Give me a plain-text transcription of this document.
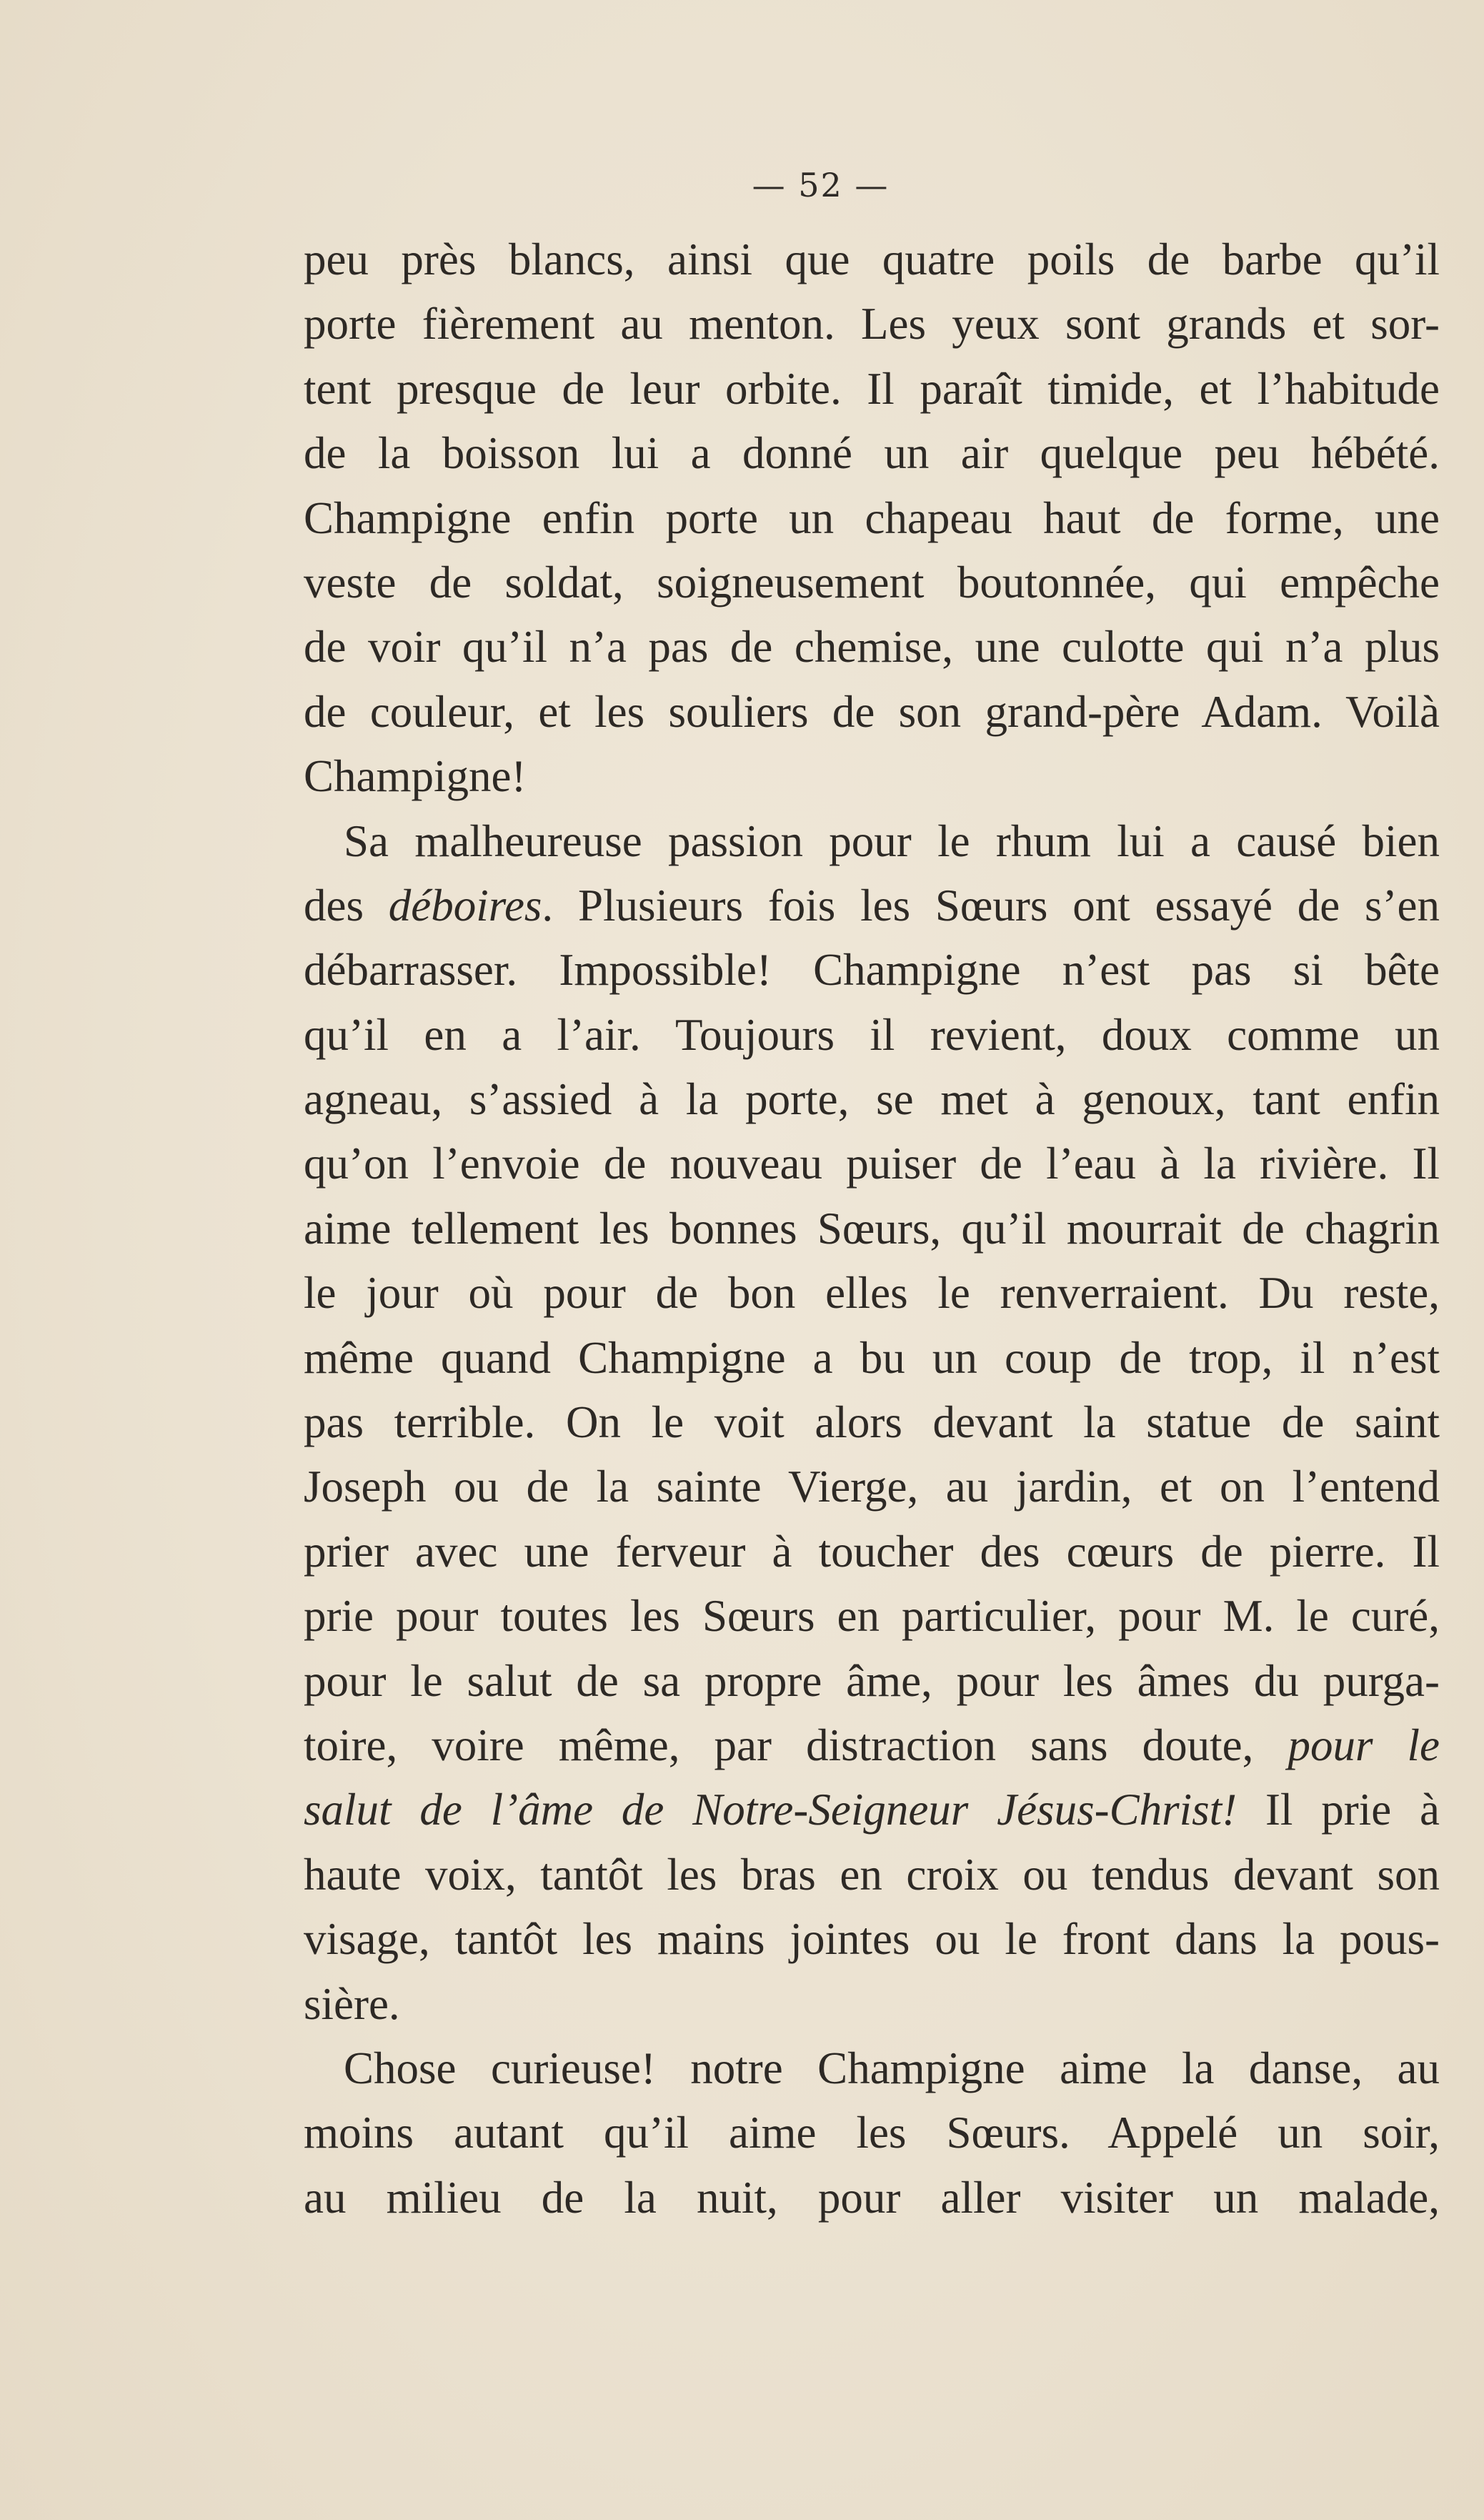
— 52 —
peu près blancs, ainsi que quatre poils de barbe qu’il
porte fièrement au menton. Les yeux sont grands et sor-
tent presque de leur orbite. Il paraît timide, et l’habitude
de la boisson lui a donné un air quelque peu hébété.
Champigne enfin porte un chapeau haut de forme, une
veste de soldat, soigneusement boutonnée, qui empêche
de voir qu’il n’a pas de chemise, une culotte qui n’a plus
de couleur, et les souliers de son grand-père Adam. Voilà
Champigne!
Sa malheureuse passion pour le rhum lui a causé bien
des déboires. Plusieurs fois les Sœurs ont essayé de s’en
débarrasser. Impossible! Champigne n’est pas si bête
qu’il en a l’air. Toujours il revient, doux comme un
agneau, s’assied à la porte, se met à genoux, tant enfin
qu’on l’envoie de nouveau puiser de l’eau à la rivière. Il
aime tellement les bonnes Sœurs, qu’il mourrait de chagrin
le jour où pour de bon elles le renverraient. Du reste,
même quand Champigne a bu un coup de trop, il n’est
pas terrible. On le voit alors devant la statue de saint
Joseph ou de la sainte Vierge, au jardin, et on l’entend
prier avec une ferveur à toucher des cœurs de pierre. Il
prie pour toutes les Sœurs en particulier, pour M. le curé,
pour le salut de sa propre âme, pour les âmes du purga-
toire, voire même, par distraction sans doute, pour le
salut de l’âme de Notre-Seigneur Jésus-Christ! Il prie à
haute voix, tantôt les bras en croix ou tendus devant son
visage, tantôt les mains jointes ou le front dans la pous-
sière.
Chose curieuse! notre Champigne aime la danse, au
moins autant qu’il aime les Sœurs. Appelé un soir,
au milieu de la nuit, pour aller visiter un malade,
